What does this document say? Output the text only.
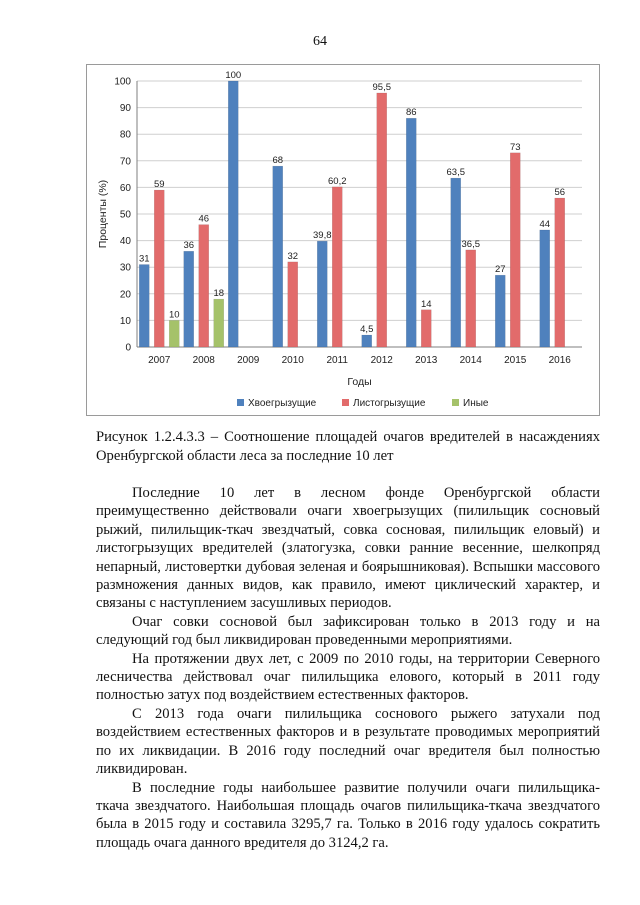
64
0
10
20
30
40
50
60
70
80
90
100
31
59
10
2007
36
46
18
2008
100
2009
68
32
2010
39,8
60,2
2011
4,5
95,5
2012
86
14
2013
63,5
36,5
2014
27
73
2015
44
56
2016
Годы
Проценты (%)
Хвоегрызущие	Листогрызущие	Иные
Рисунок 1.2.4.3.3 – Соотношение площадей очагов вредителей в насаждениях Оренбургской области леса за последние 10 лет

Последние 10 лет в лесном фонде Оренбургской области преимущественно действовали очаги хвоегрызущих (пилильщик сосновый рыжий, пилильщик-ткач звездчатый, совка сосновая, пилильщик еловый) и листогрызущих вредителей (златогузка, совки ранние весенние, шелкопряд непарный, листовертки дубовая зеленая и боярышниковая). Вспышки массового размножения данных видов, как правило, имеют циклический характер, и связаны с наступлением засушливых периодов.

Очаг совки сосновой был зафиксирован только в 2013 году и на следующий год был ликвидирован проведенными мероприятиями.

На протяжении двух лет, с 2009 по 2010 годы, на территории Северного лесничества действовал очаг пилильщика елового, который в 2011 году полностью затух под воздействием естественных факторов.

С 2013 года очаги пилильщика соснового рыжего затухали под воздействием естественных факторов и в результате проводимых мероприятий по их ликвидации. В 2016 году последний очаг вредителя был полностью ликвидирован.

В последние годы наибольшее развитие получили очаги пилильщика-ткача звездчатого. Наибольшая площадь очагов пилильщика-ткача звездчатого была в 2015 году и составила 3295,7 га. Только в 2016 году удалось сократить площадь очага данного вредителя до 3124,2 га.
